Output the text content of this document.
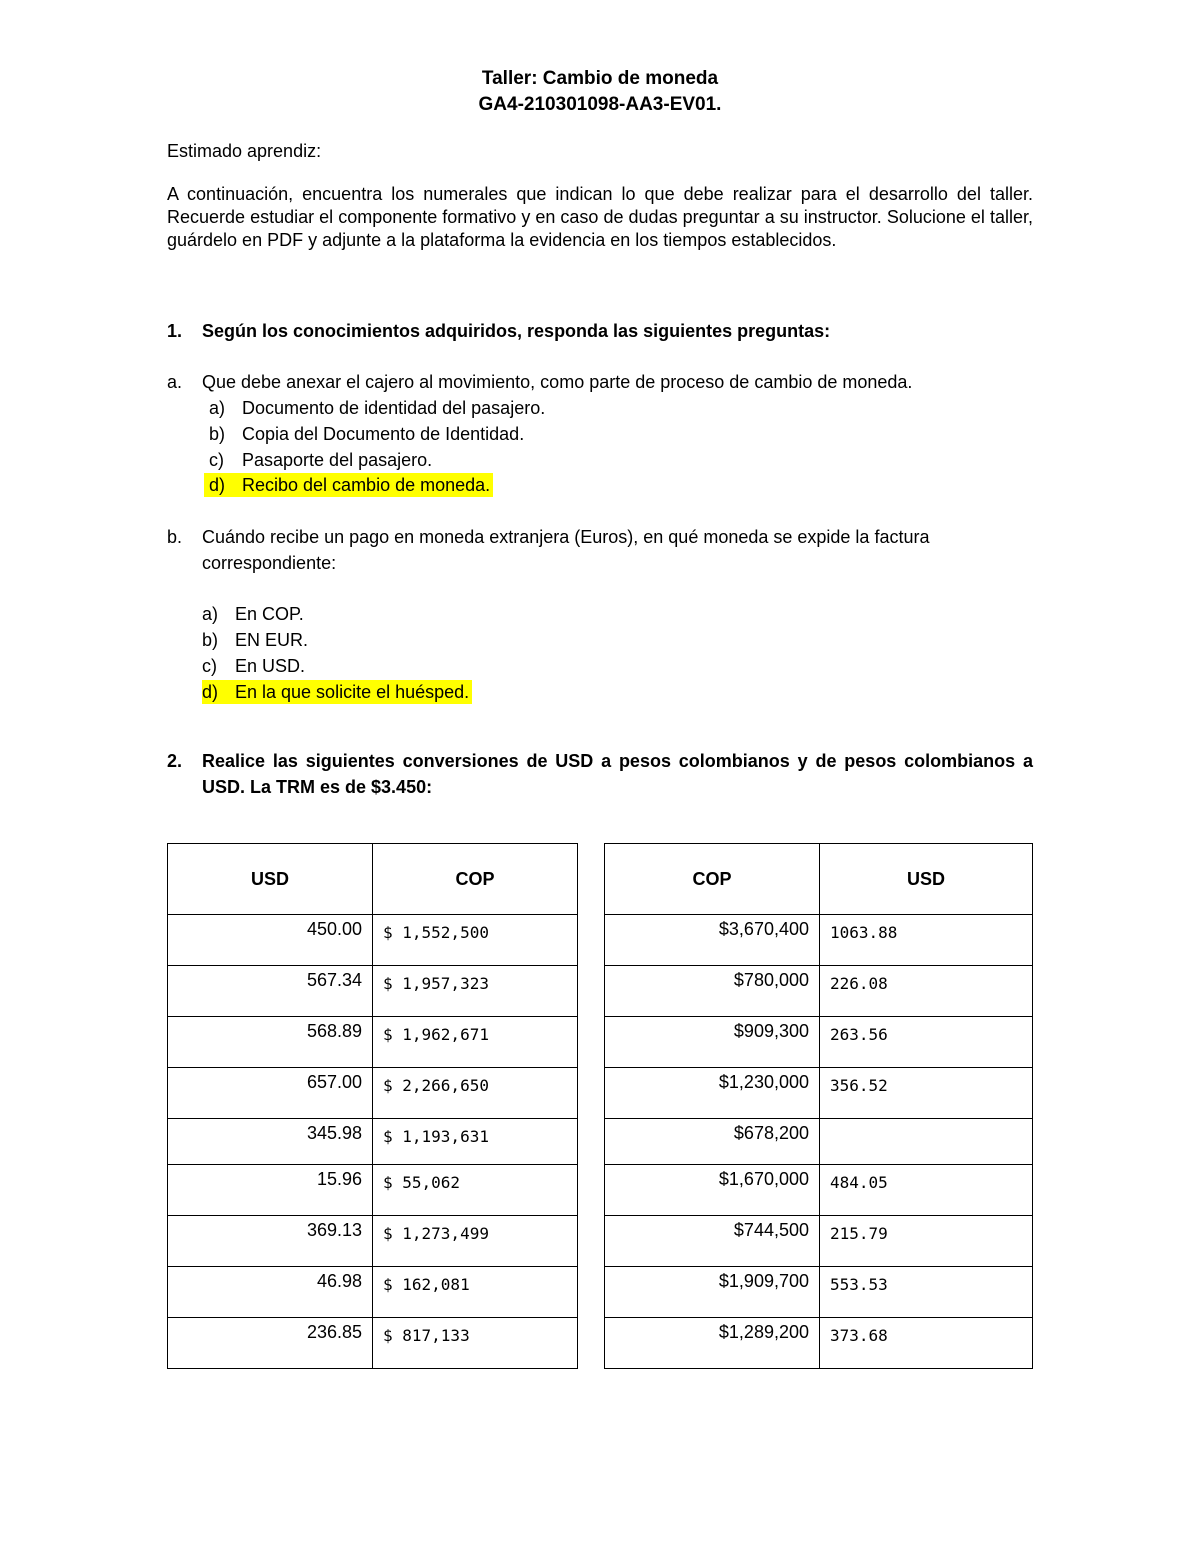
Taller: Cambio de moneda
GA4-210301098-AA3-EV01.
Estimado aprendiz:
A continuación, encuentra los numerales que indican lo que debe realizar para el desarrollo del taller. Recuerde estudiar el componente formativo y en caso de dudas preguntar a su instructor. Solucione el taller, guárdelo en PDF y adjunte a la plataforma la evidencia en los tiempos establecidos.
1. Según los conocimientos adquiridos, responda las siguientes preguntas:
a. Que debe anexar el cajero al movimiento, como parte de proceso de cambio de moneda.
a) Documento de identidad del pasajero.
b) Copia del Documento de Identidad.
c) Pasaporte del pasajero.
d) Recibo del cambio de moneda.
b. Cuándo recibe un pago en moneda extranjera (Euros), en qué moneda se expide la factura correspondiente:
a) En COP.
b) EN EUR.
c) En USD.
d) En la que solicite el huésped.
2. Realice las siguientes conversiones de USD a pesos colombianos y de pesos colombianos a USD. La TRM es de $3.450:
USD	COP
450.00	$ 1,552,500
567.34	$ 1,957,323
568.89	$ 1,962,671
657.00	$ 2,266,650
345.98	$ 1,193,631
15.96	$ 55,062
369.13	$ 1,273,499
46.98	$ 162,081
236.85	$ 817,133
COP	USD
$3,670,400	1063.88
$780,000	226.08
$909,300	263.56
$1,230,000	356.52
$678,200	
$1,670,000	484.05
$744,500	215.79
$1,909,700	553.53
$1,289,200	373.68
